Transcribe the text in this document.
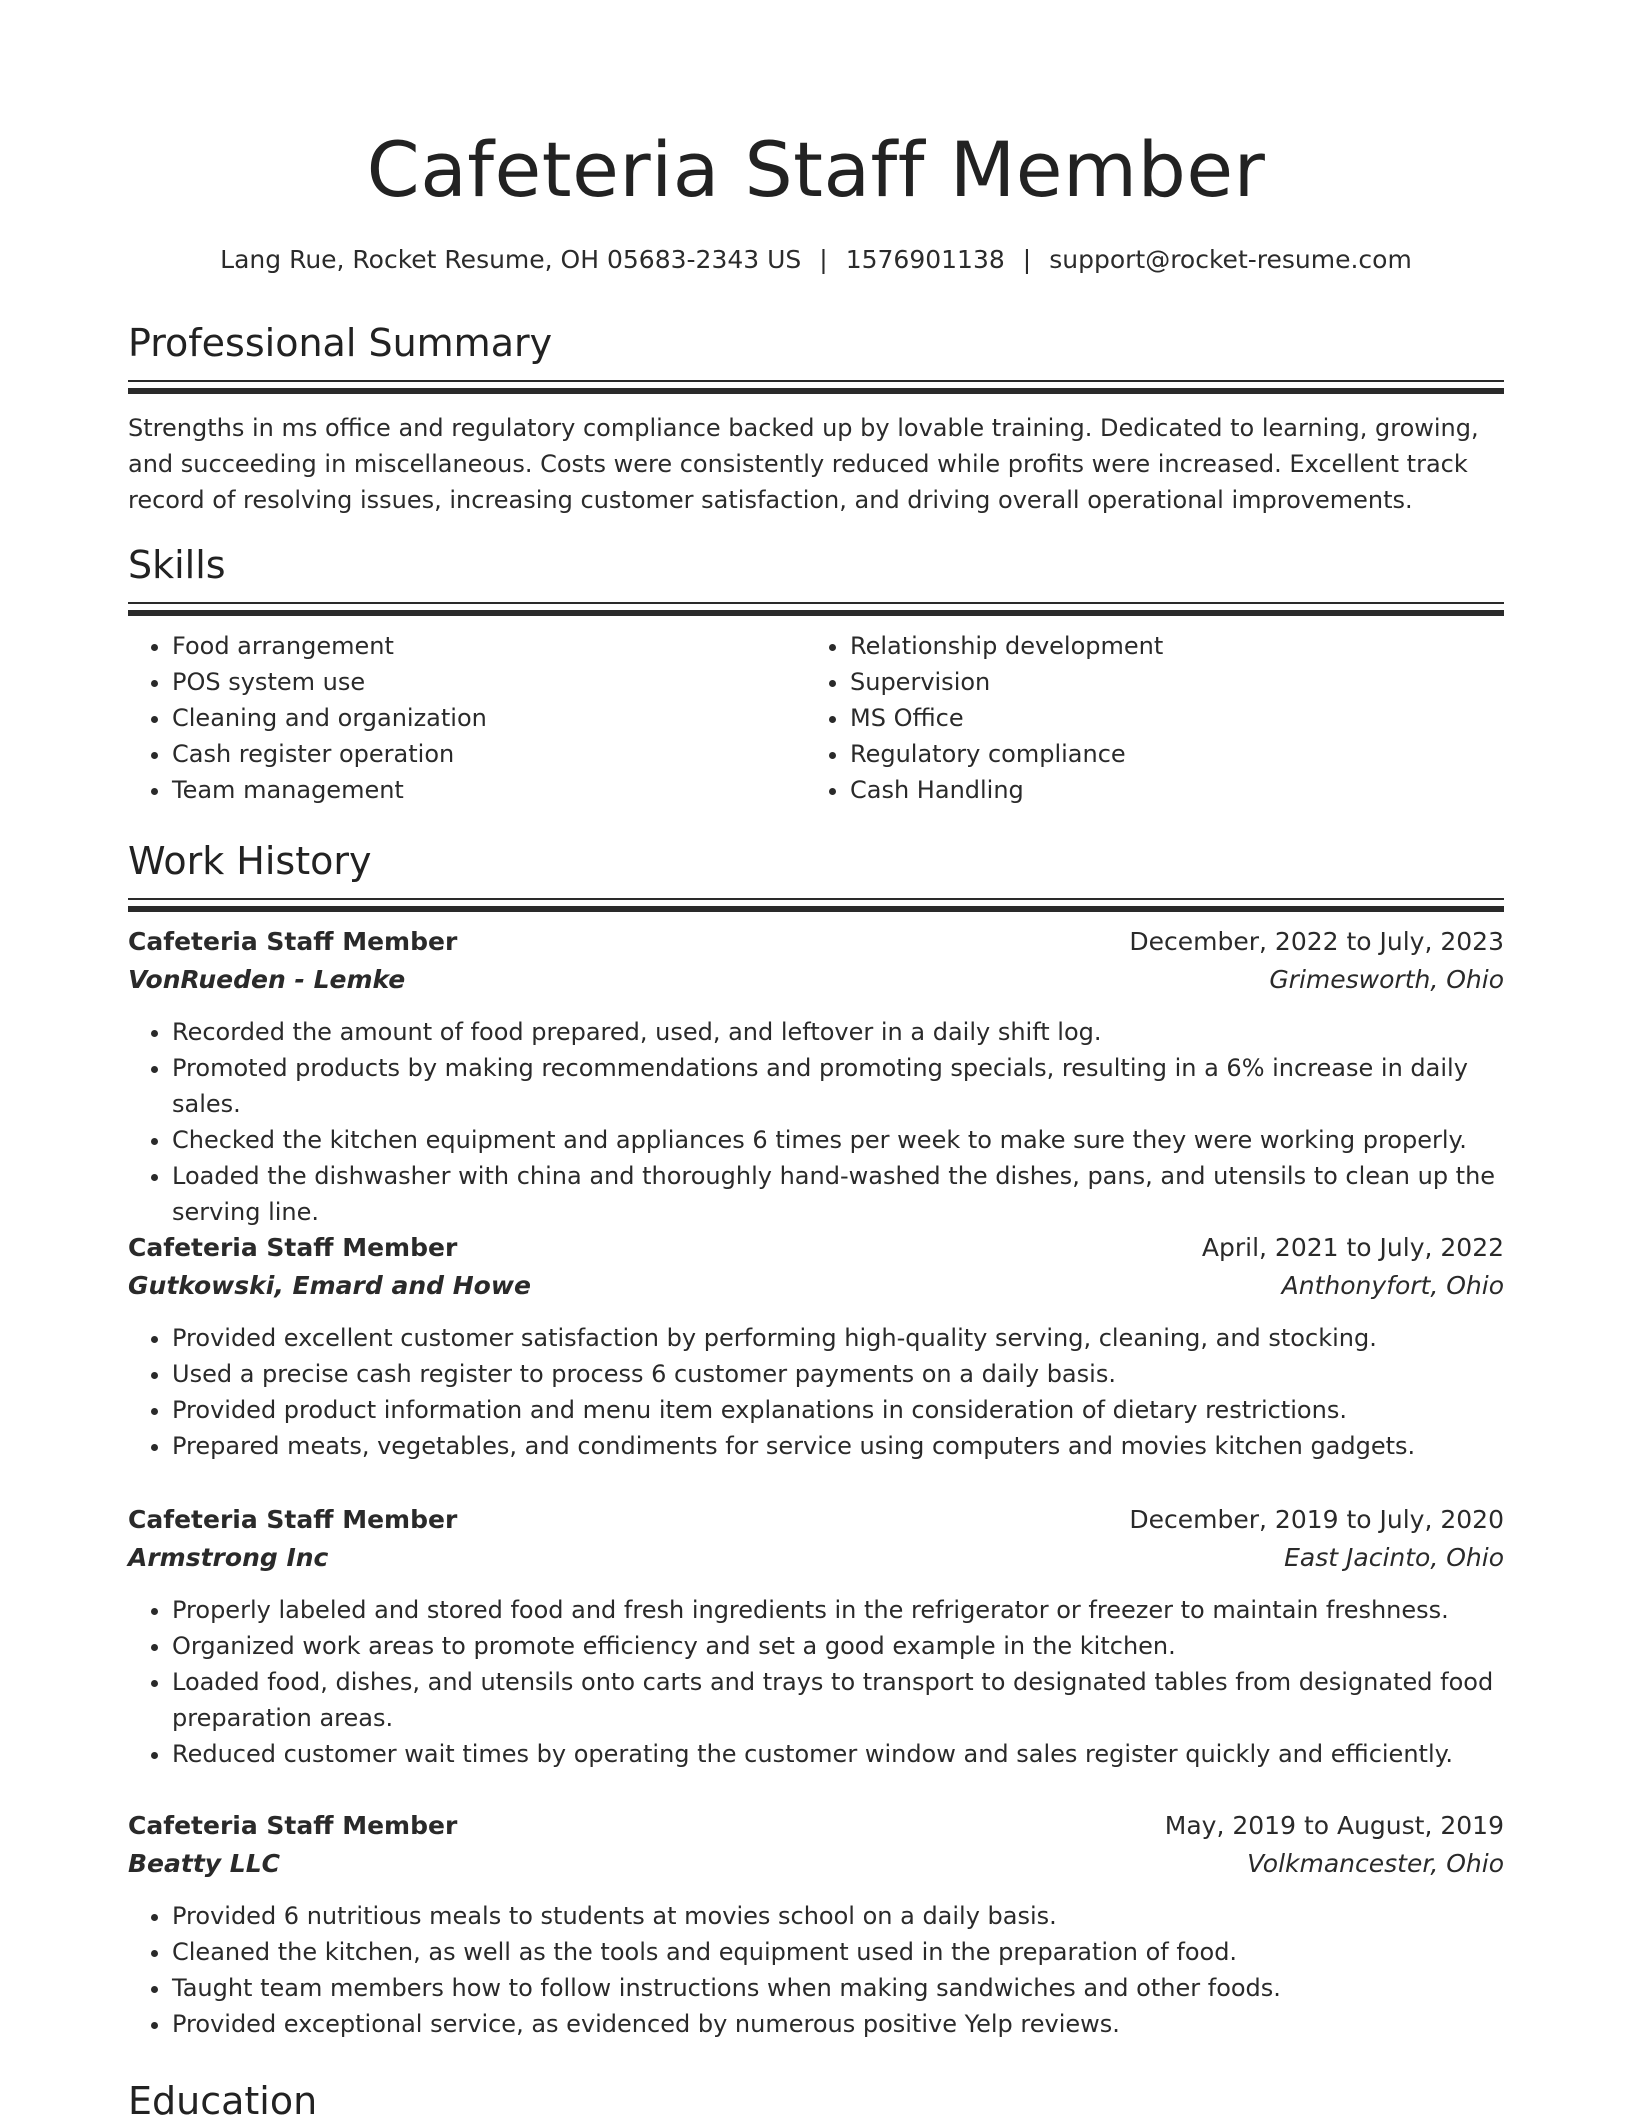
Cafeteria Staff Member
Lang Rue, Rocket Resume, OH 05683-2343 US | 1576901138 | support@rocket-resume.com
Professional Summary

Strengths in ms office and regulatory compliance backed up by lovable training. Dedicated to learning, growing, and succeeding in miscellaneous. Costs were consistently reduced while profits were increased. Excellent track record of resolving issues, increasing customer satisfaction, and driving overall operational improvements.

Skills
• Food arrangement
• POS system use
• Cleaning and organization
• Cash register operation
• Team management
• Relationship development
• Supervision
• MS Office
• Regulatory compliance
• Cash Handling
Work History
Cafeteria Staff Member	December, 2022 to July, 2023
VonRueden - Lemke	Grimesworth, Ohio
• Recorded the amount of food prepared, used, and leftover in a daily shift log.
• Promoted products by making recommendations and promoting specials, resulting in a 6% increase in daily sales.
• Checked the kitchen equipment and appliances 6 times per week to make sure they were working properly.
• Loaded the dishwasher with china and thoroughly hand-washed the dishes, pans, and utensils to clean up the serving line.
Cafeteria Staff Member	April, 2021 to July, 2022
Gutkowski, Emard and Howe	Anthonyfort, Ohio
• Provided excellent customer satisfaction by performing high-quality serving, cleaning, and stocking.
• Used a precise cash register to process 6 customer payments on a daily basis.
• Provided product information and menu item explanations in consideration of dietary restrictions.
• Prepared meats, vegetables, and condiments for service using computers and movies kitchen gadgets.
Cafeteria Staff Member	December, 2019 to July, 2020
Armstrong Inc	East Jacinto, Ohio
• Properly labeled and stored food and fresh ingredients in the refrigerator or freezer to maintain freshness.
• Organized work areas to promote efficiency and set a good example in the kitchen.
• Loaded food, dishes, and utensils onto carts and trays to transport to designated tables from designated food preparation areas.
• Reduced customer wait times by operating the customer window and sales register quickly and efficiently.
Cafeteria Staff Member	May, 2019 to August, 2019
Beatty LLC	Volkmancester, Ohio
• Provided 6 nutritious meals to students at movies school on a daily basis.
• Cleaned the kitchen, as well as the tools and equipment used in the preparation of food.
• Taught team members how to follow instructions when making sandwiches and other foods.
• Provided exceptional service, as evidenced by numerous positive Yelp reviews.
Education
